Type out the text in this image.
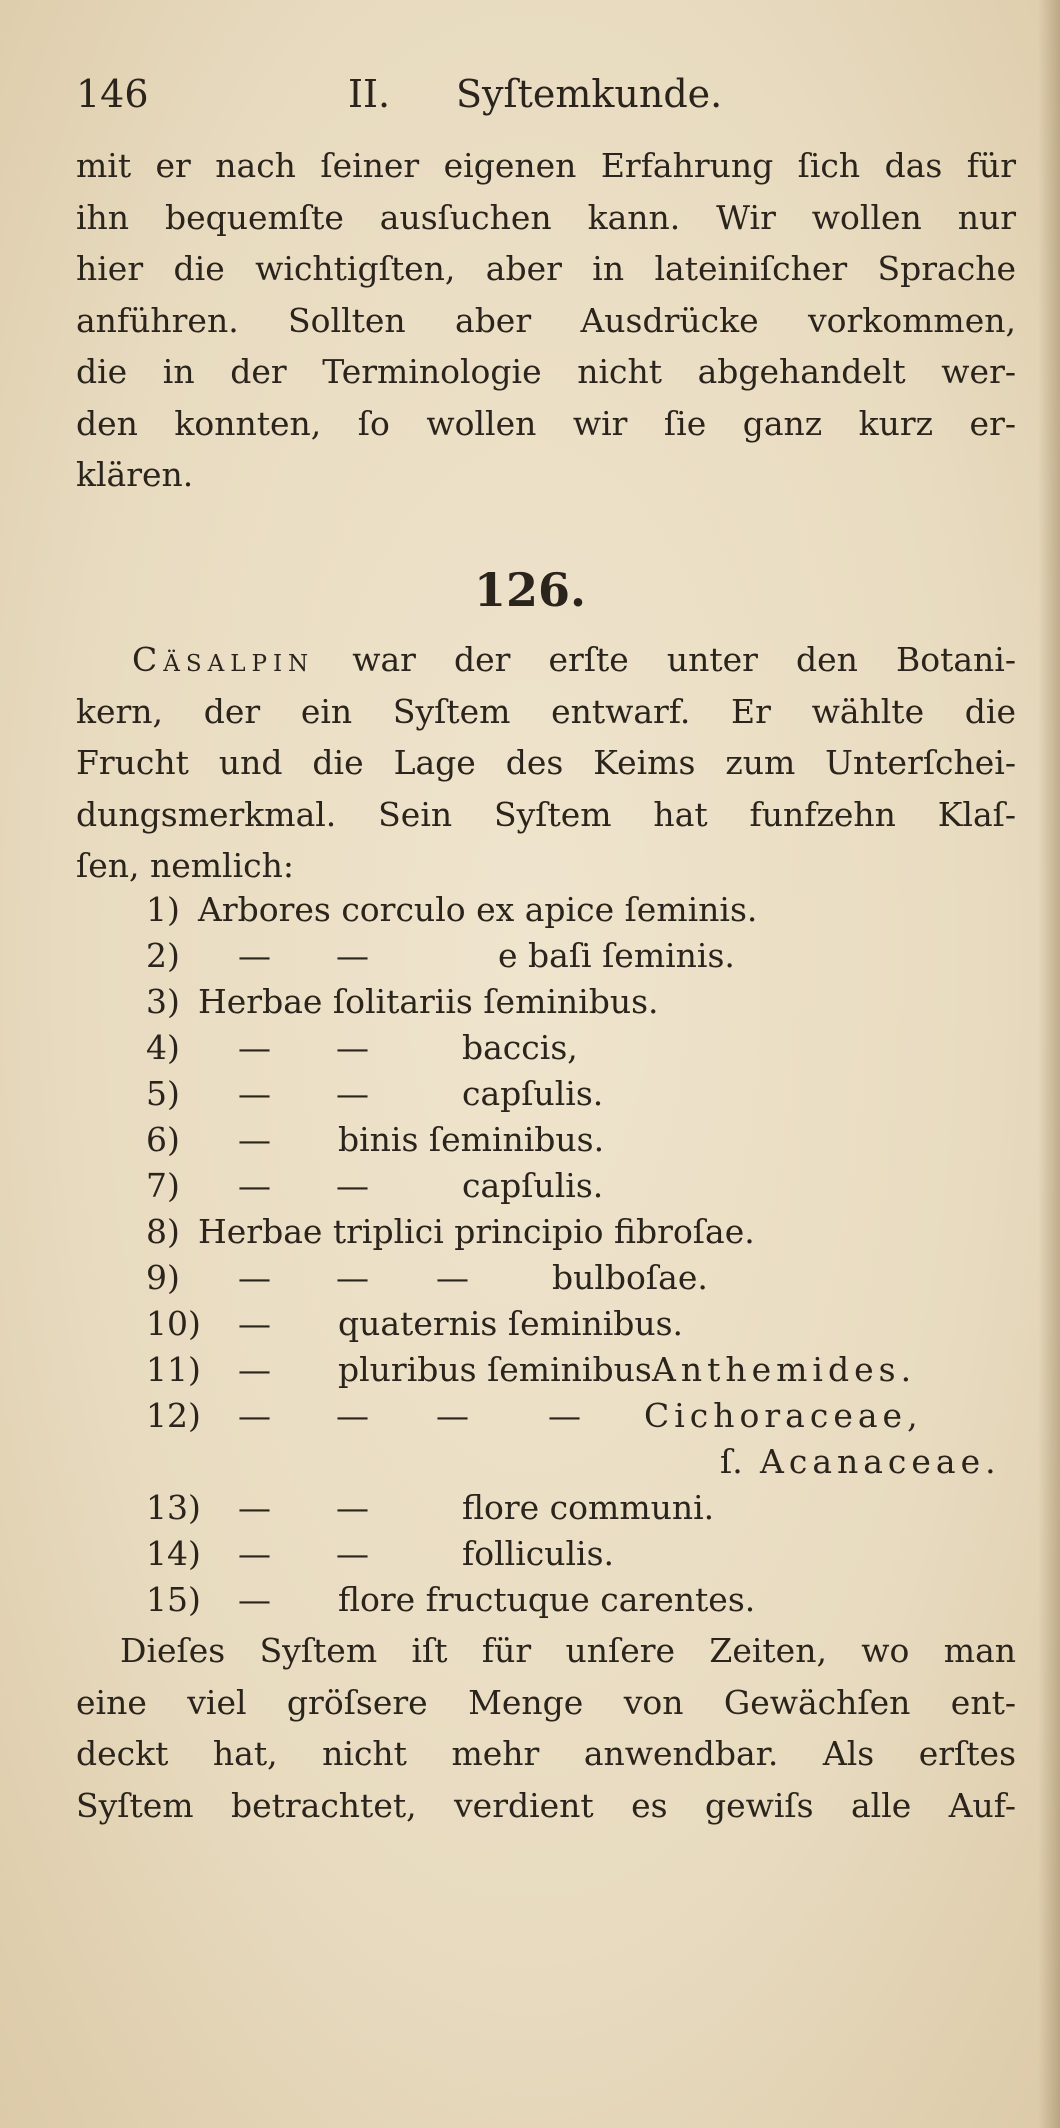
146	II. Syſtemkunde.
mit er nach ſeiner eigenen Erfahrung ſich das für
ihn bequemſte ausſuchen kann. Wir wollen nur
hier die wichtigſten, aber in lateiniſcher Sprache
anführen. Sollten aber Ausdrücke vorkommen,
die in der Terminologie nicht abgehandelt wer-
den konnten, ſo wollen wir ſie ganz kurz er-
klären.
126.
Cäsalpin war der erſte unter den Botani-
kern, der ein Syſtem entwarf. Er wählte die
Frucht und die Lage des Keims zum Unterſchei-
dungsmerkmal. Sein Syſtem hat funfzehn Klaſ-
ſen, nemlich:
1) Arbores corculo ex apice ſeminis.
2) — —	e baſi ſeminis.
3) Herbae ſolitariis ſeminibus.
4) — —	baccis,
5) — —	capſulis.
6) — binis ſeminibus.
7) — —	capſulis.
8) Herbae triplici principio fibroſae.
9) — — —	bulboſae.
10) — quaternis ſeminibus.
11) — pluribus ſeminibus Anthemides.
12) — — — — Cichoraceae,
ſ. Acanaceae.
13) — —	flore communi.
14) — —	folliculis.
15) — flore fructuque carentes.
Dieſes Syſtem iſt für unſere Zeiten, wo man
eine viel gröſsere Menge von Gewächſen ent-
deckt hat, nicht mehr anwendbar. Als erſtes
Syſtem betrachtet, verdient es gewiſs alle Auf-
